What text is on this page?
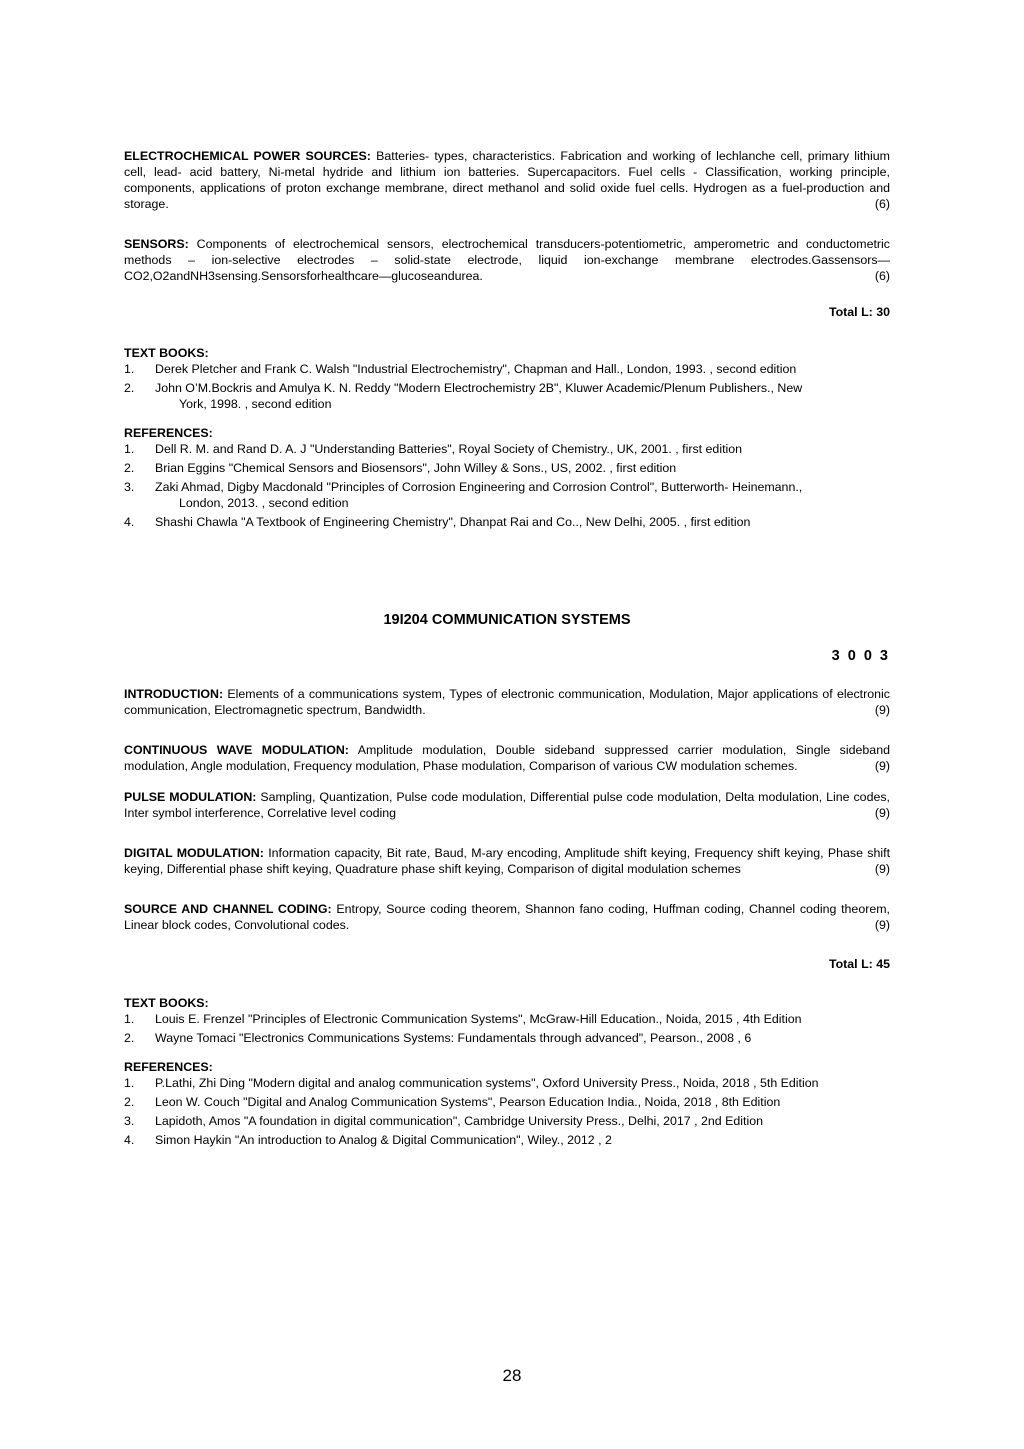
ELECTROCHEMICAL POWER SOURCES: Batteries- types, characteristics. Fabrication and working of lechlanche cell, primary lithium cell, lead- acid battery, Ni-metal hydride and lithium ion batteries. Supercapacitors. Fuel cells - Classification, working principle, components, applications of proton exchange membrane, direct methanol and solid oxide fuel cells. Hydrogen as a fuel-production and storage.	(6)

SENSORS: Components of electrochemical sensors, electrochemical transducers-potentiometric, amperometric and conductometric methods – ion-selective electrodes – solid-state electrode, liquid ion-exchange membrane electrodes.Gassensors—CO2,O2andNH3sensing.Sensorsforhealthcare—glucoseandurea.	(6)

Total L: 30

TEXT BOOKS:

1. Derek Pletcher and Frank C. Walsh "Industrial Electrochemistry", Chapman and Hall., London, 1993. , second edition
2. John O’M.Bockris and Amulya K. N. Reddy "Modern Electrochemistry 2B", Kluwer Academic/Plenum Publishers., New
York, 1998. , second edition

REFERENCES:

1. Dell R. M. and Rand D. A. J "Understanding Batteries", Royal Society of Chemistry., UK, 2001. , first edition
2. Brian Eggins "Chemical Sensors and Biosensors", John Willey & Sons., US, 2002. , first edition
3. Zaki Ahmad, Digby Macdonald "Principles of Corrosion Engineering and Corrosion Control", Butterworth- Heinemann.,
London, 2013. , second edition
4. Shashi Chawla "A Textbook of Engineering Chemistry", Dhanpat Rai and Co.., New Delhi, 2005. , first edition
19I204 COMMUNICATION SYSTEMS
3 0 0 3

INTRODUCTION: Elements of a communications system, Types of electronic communication, Modulation, Major applications of electronic communication, Electromagnetic spectrum, Bandwidth.	(9)

CONTINUOUS WAVE MODULATION: Amplitude modulation, Double sideband suppressed carrier modulation, Single sideband modulation, Angle modulation, Frequency modulation, Phase modulation, Comparison of various CW modulation schemes.	(9)

PULSE MODULATION: Sampling, Quantization, Pulse code modulation, Differential pulse code modulation, Delta modulation, Line codes, Inter symbol interference, Correlative level coding	(9)

DIGITAL MODULATION: Information capacity, Bit rate, Baud, M-ary encoding, Amplitude shift keying, Frequency shift keying, Phase shift keying, Differential phase shift keying, Quadrature phase shift keying, Comparison of digital modulation schemes	(9)

SOURCE AND CHANNEL CODING: Entropy, Source coding theorem, Shannon fano coding, Huffman coding, Channel coding theorem, Linear block codes, Convolutional codes.	(9)

Total L: 45

TEXT BOOKS:

1. Louis E. Frenzel "Principles of Electronic Communication Systems", McGraw-Hill Education., Noida, 2015 , 4th Edition
2. Wayne Tomaci "Electronics Communications Systems: Fundamentals through advanced", Pearson., 2008 , 6

REFERENCES:

1. P.Lathi, Zhi Ding "Modern digital and analog communication systems", Oxford University Press., Noida, 2018 , 5th Edition
2. Leon W. Couch "Digital and Analog Communication Systems", Pearson Education India., Noida, 2018 , 8th Edition
3. Lapidoth, Amos "A foundation in digital communication", Cambridge University Press., Delhi, 2017 , 2nd Edition
4. Simon Haykin "An introduction to Analog & Digital Communication", Wiley., 2012 , 2
28
